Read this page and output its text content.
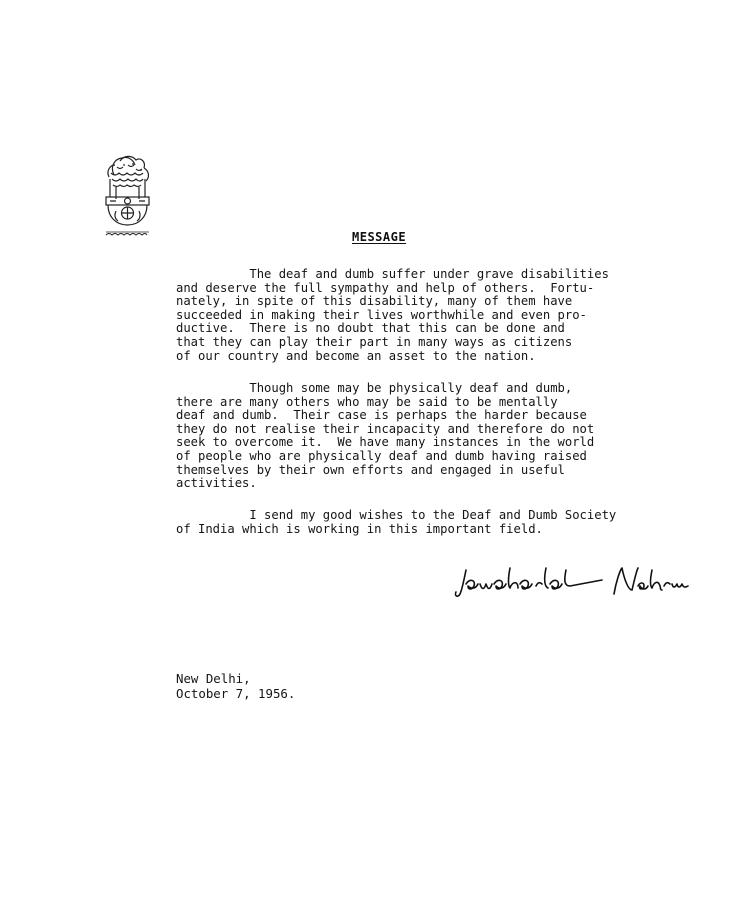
MESSAGE
The deaf and dumb suffer under grave disabilities
and deserve the full sympathy and help of others.  Fortu-
nately, in spite of this disability, many of them have
succeeded in making their lives worthwhile and even pro-
ductive.  There is no doubt that this can be done and
that they can play their part in many ways as citizens
of our country and become an asset to the nation.
Though some may be physically deaf and dumb,
there are many others who may be said to be mentally
deaf and dumb.  Their case is perhaps the harder because
they do not realise their incapacity and therefore do not
seek to overcome it.  We have many instances in the world
of people who are physically deaf and dumb having raised
themselves by their own efforts and engaged in useful
activities.
I send my good wishes to the Deaf and Dumb Society
of India which is working in this important field.
New Delhi,
October 7, 1956.
